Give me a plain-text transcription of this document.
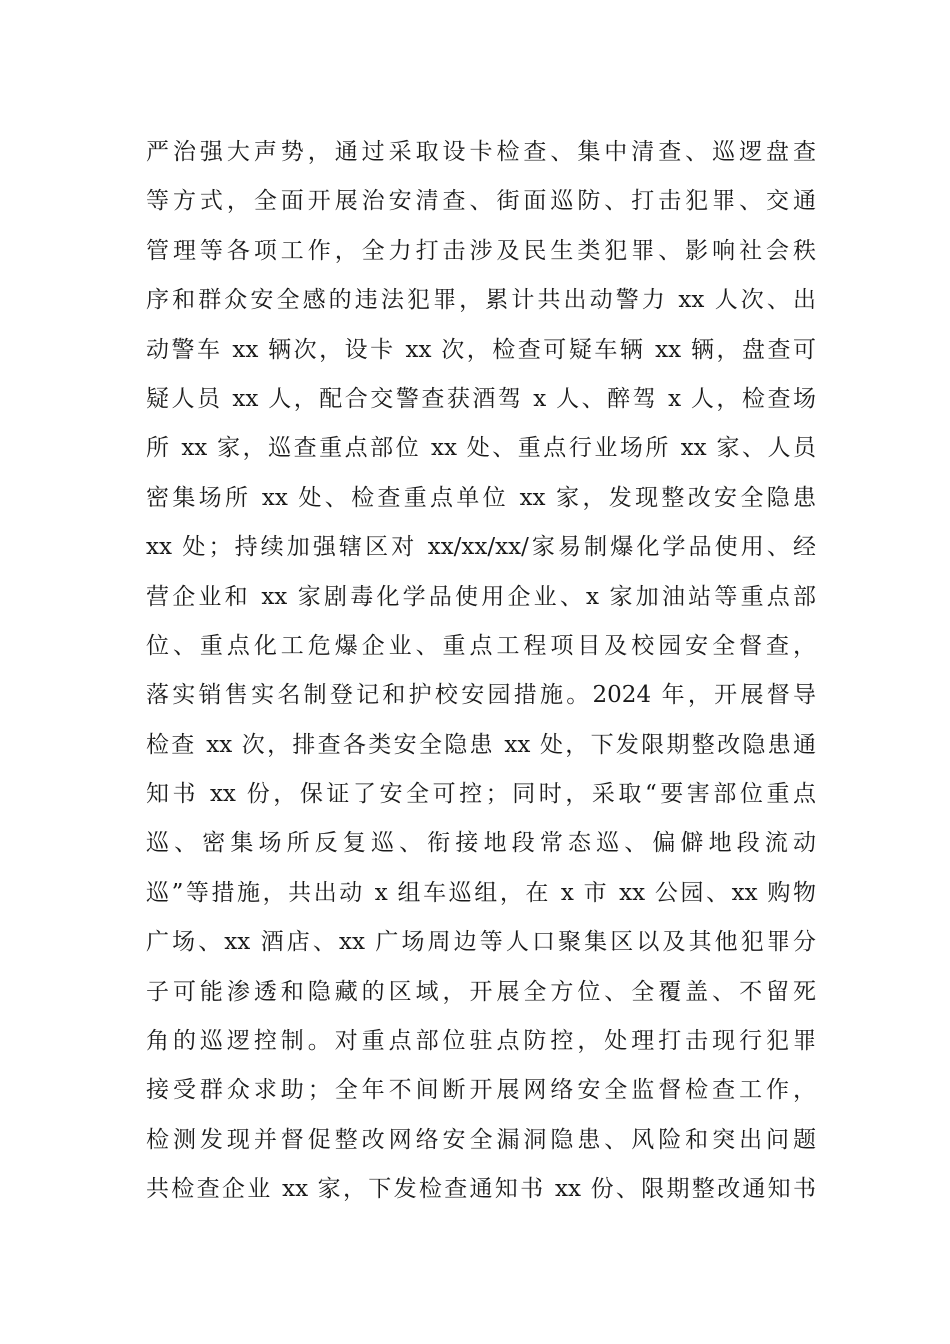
严治强大声势，通过采取设卡检查、集中清查、巡逻盘查
等方式，全面开展治安清查、街面巡防、打击犯罪、交通
管理等各项工作，全力打击涉及民生类犯罪、影响社会秩
序和群众安全感的违法犯罪，累计共出动警力 xx 人次、出
动警车 xx 辆次，设卡 xx 次，检查可疑车辆 xx 辆，盘查可
疑人员 xx 人，配合交警查获酒驾 x 人、醉驾 x 人，检查场
所 xx 家，巡查重点部位 xx 处、重点行业场所 xx 家、人员
密集场所 xx 处、检查重点单位 xx 家，发现整改安全隐患
xx 处；持续加强辖区对 xx/xx/xx/家易制爆化学品使用、经
营企业和 xx 家剧毒化学品使用企业、x 家加油站等重点部
位、重点化工危爆企业、重点工程项目及校园安全督查，
落实销售实名制登记和护校安园措施。2024 年，开展督导
检查 xx 次，排查各类安全隐患 xx 处，下发限期整改隐患通
知书 xx 份，保证了安全可控；同时，采取“要害部位重点
巡、密集场所反复巡、衔接地段常态巡、偏僻地段流动
巡”等措施，共出动 x 组车巡组，在 x 市 xx 公园、xx 购物
广场、xx 酒店、xx 广场周边等人口聚集区以及其他犯罪分
子可能渗透和隐藏的区域，开展全方位、全覆盖、不留死
角的巡逻控制。对重点部位驻点防控，处理打击现行犯罪
接受群众求助；全年不间断开展网络安全监督检查工作，
检测发现并督促整改网络安全漏洞隐患、风险和突出问题
共检查企业 xx 家，下发检查通知书 xx 份、限期整改通知书
